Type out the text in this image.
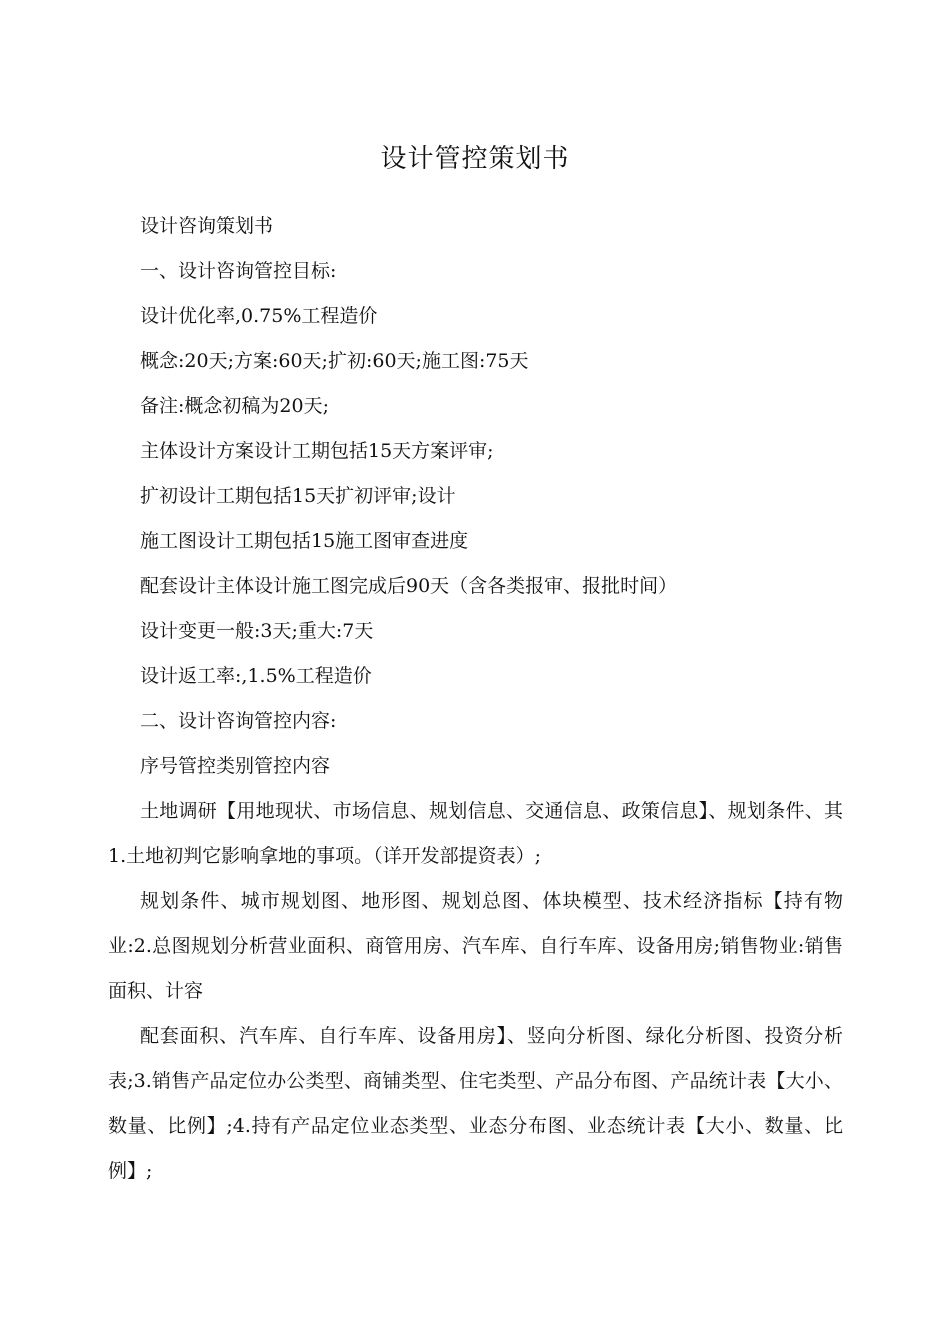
设计管控策划书

设计咨询策划书

一、设计咨询管控目标:

设计优化率,0.75%工程造价

概念:20天;方案:60天;扩初:60天;施工图:75天

备注:概念初稿为20天;

主体设计方案设计工期包括15天方案评审;

扩初设计工期包括15天扩初评审;设计

施工图设计工期包括15施工图审查进度

配套设计主体设计施工图完成后90天（含各类报审、报批时间）

设计变更一般:3天;重大:7天

设计返工率:,1.5%工程造价

二、设计咨询管控内容:

序号管控类别管控内容

土地调研【用地现状、市场信息、规划信息、交通信息、政策信息】、规划条件、其1.土地初判它影响拿地的事项。（详开发部提资表）;

规划条件、城市规划图、地形图、规划总图、体块模型、技术经济指标【持有物业:2.总图规划分析营业面积、商管用房、汽车库、自行车库、设备用房;销售物业:销售面积、计容

配套面积、汽车库、自行车库、设备用房】、竖向分析图、绿化分析图、投资分析表;3.销售产品定位办公类型、商铺类型、住宅类型、产品分布图、产品统计表【大小、数量、比例】;4.持有产品定位业态类型、业态分布图、业态统计表【大小、数量、比例】;
